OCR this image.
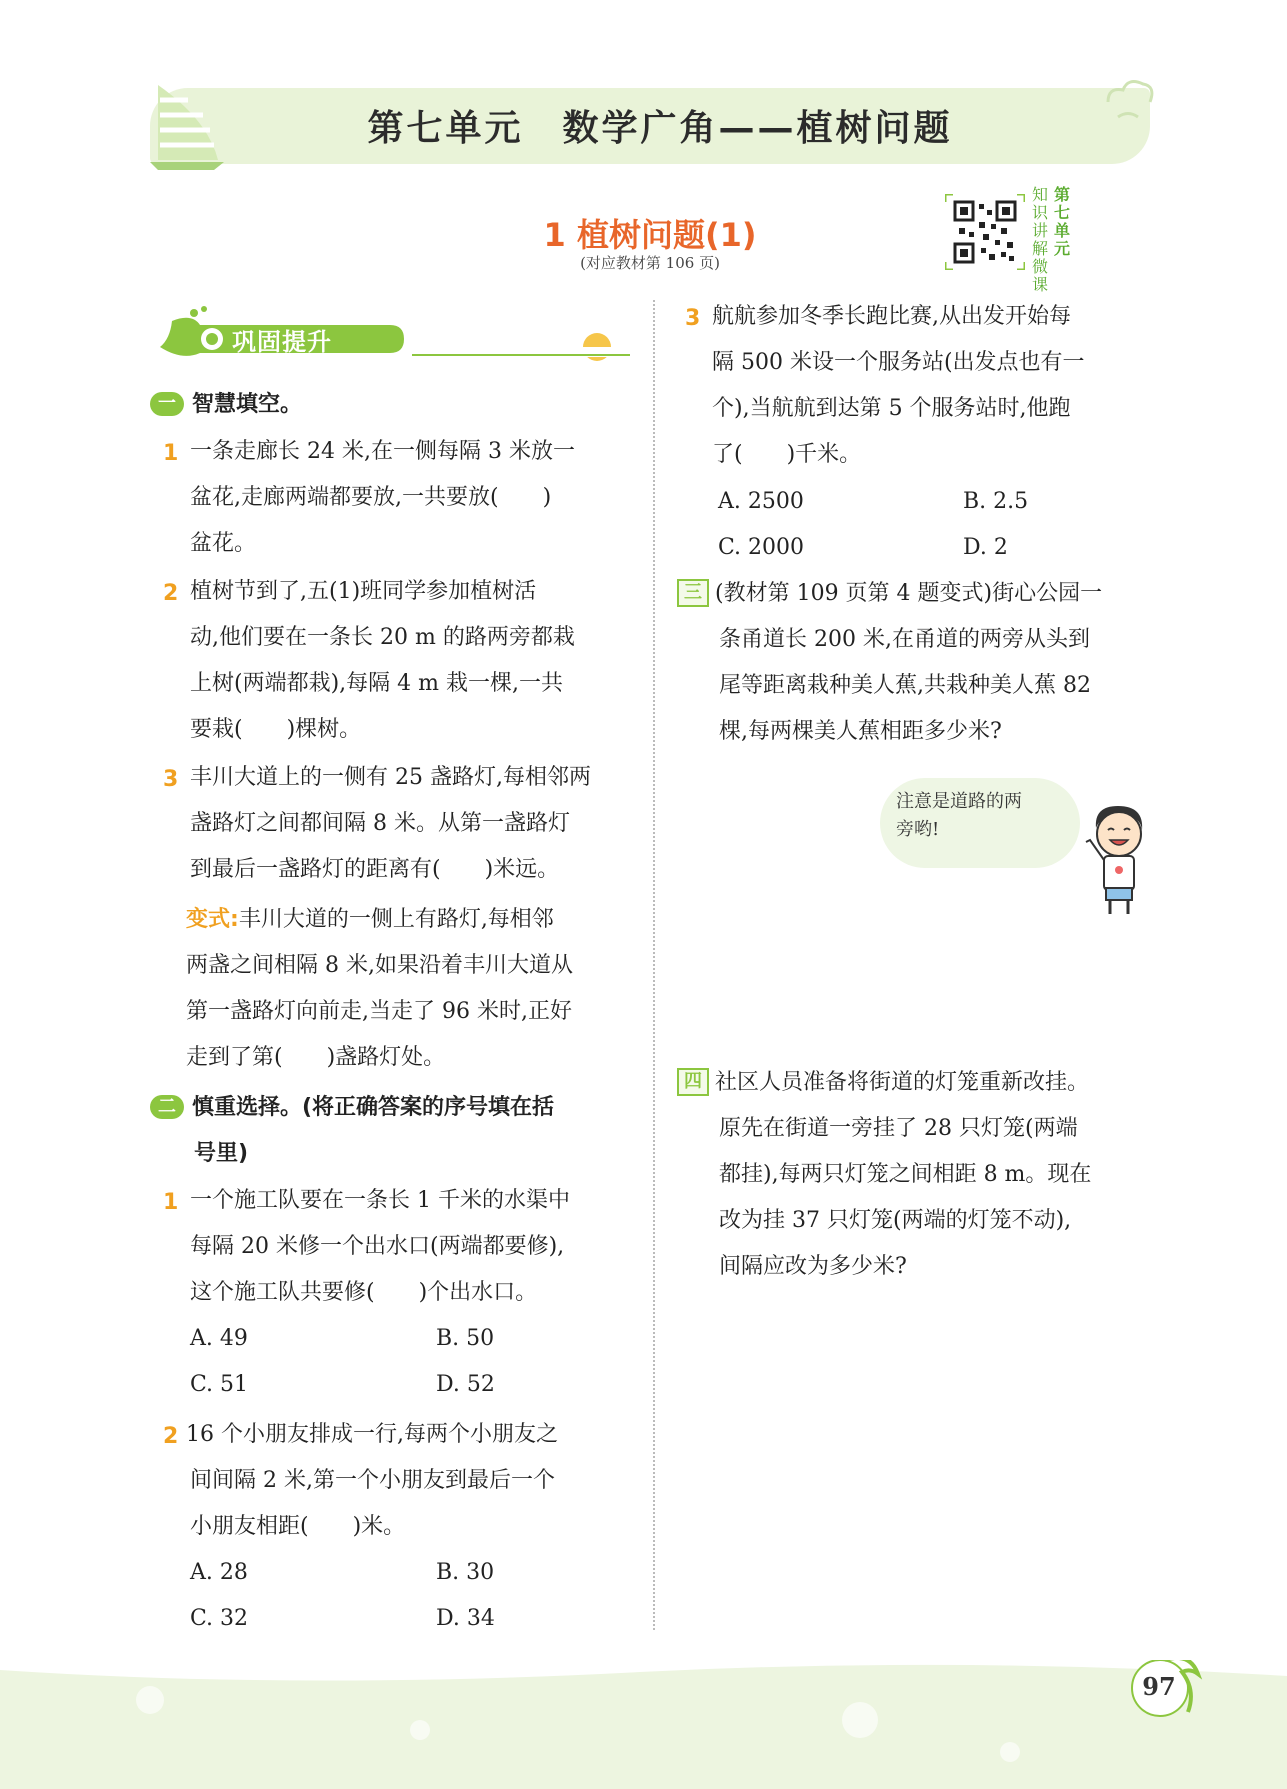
第七单元　数学广角——植树问题
1 植树问题(1)
(对应教材第 106 页)
知识讲解微课
第七单元
巩固提升
一 智慧填空。
1 一条走廊长 24 米,在一侧每隔 3 米放一
盆花,走廊两端都要放,一共要放(　　)
盆花。
2 植树节到了,五(1)班同学参加植树活
动,他们要在一条长 20 m 的路两旁都栽
上树(两端都栽),每隔 4 m 栽一棵,一共
要栽(　　)棵树。
3 丰川大道上的一侧有 25 盏路灯,每相邻两
盏路灯之间都间隔 8 米。从第一盏路灯
到最后一盏路灯的距离有(　　)米远。
变式:丰川大道的一侧上有路灯,每相邻
两盏之间相隔 8 米,如果沿着丰川大道从
第一盏路灯向前走,当走了 96 米时,正好
走到了第(　　)盏路灯处。
二 慎重选择。(将正确答案的序号填在括
号里)
1 一个施工队要在一条长 1 千米的水渠中
每隔 20 米修一个出水口(两端都要修),
这个施工队共要修(　　)个出水口。
A. 49	B. 50
C. 51	D. 52
2 16 个小朋友排成一行,每两个小朋友之
间间隔 2 米,第一个小朋友到最后一个
小朋友相距(　　)米。
A. 28	B. 30
C. 32	D. 34
3 航航参加冬季长跑比赛,从出发开始每
隔 500 米设一个服务站(出发点也有一
个),当航航到达第 5 个服务站时,他跑
了(　　)千米。
A. 2500	B. 2.5
C. 2000	D. 2
三 (教材第 109 页第 4 题变式)街心公园一
条甬道长 200 米,在甬道的两旁从头到
尾等距离栽种美人蕉,共栽种美人蕉 82
棵,每两棵美人蕉相距多少米?
注意是道路的两
旁哟!
四 社区人员准备将街道的灯笼重新改挂。
原先在街道一旁挂了 28 只灯笼(两端
都挂),每两只灯笼之间相距 8 m。现在
改为挂 37 只灯笼(两端的灯笼不动),
间隔应改为多少米?
97
